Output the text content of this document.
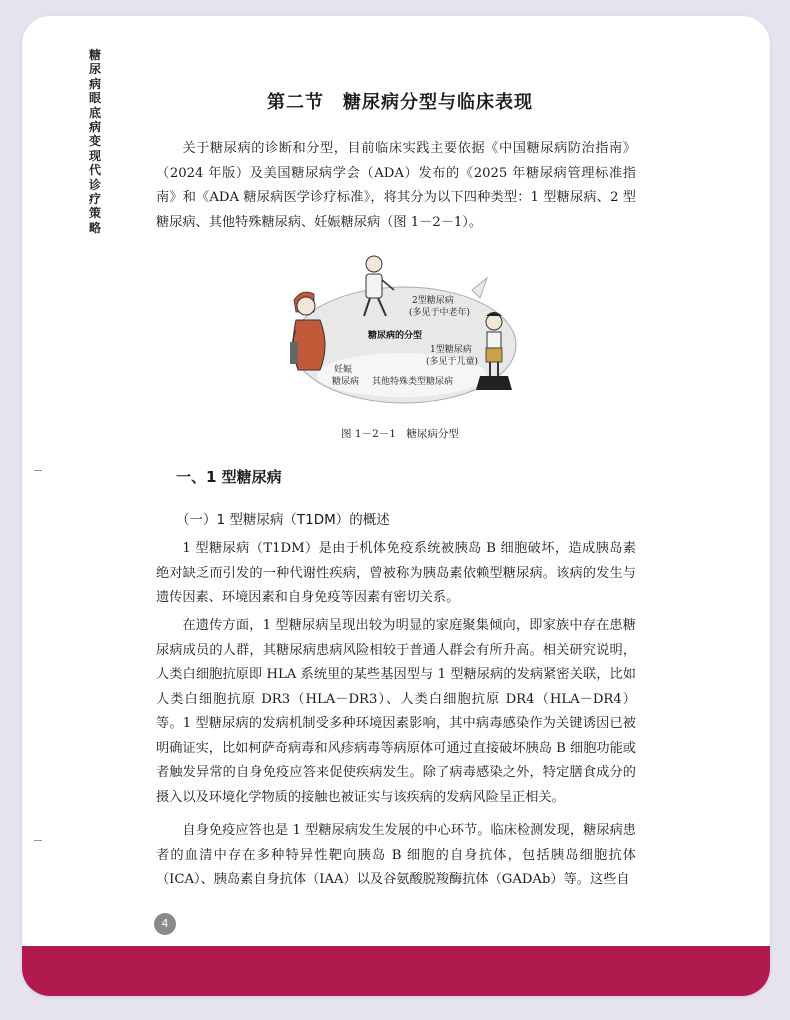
糖尿病眼底病变现代诊疗策略
第二节　糖尿病分型与临床表现

关于糖尿病的诊断和分型，目前临床实践主要依据《中国糖尿病防治指南》（2024 年版）及美国糖尿病学会（ADA）发布的《2025 年糖尿病管理标准指南》和《ADA 糖尿病医学诊疗标准》，将其分为以下四种类型：1 型糖尿病、2 型糖尿病、其他特殊糖尿病、妊娠糖尿病（图 1－2－1）。

2型糖尿病
(多见于中老年)
糖尿病的分型
1型糖尿病
(多见于儿童)
妊娠
糖尿病 其他特殊类型糖尿病
图 1－2－1　糖尿病分型
一、1 型糖尿病
（一）1 型糖尿病（T1DM）的概述

1 型糖尿病（T1DM）是由于机体免疫系统被胰岛 B 细胞破坏，造成胰岛素绝对缺乏而引发的一种代谢性疾病，曾被称为胰岛素依赖型糖尿病。该病的发生与遗传因素、环境因素和自身免疫等因素有密切关系。

在遗传方面，1 型糖尿病呈现出较为明显的家庭聚集倾向，即家族中存在患糖尿病成员的人群，其糖尿病患病风险相较于普通人群会有所升高。相关研究说明，人类白细胞抗原即 HLA 系统里的某些基因型与 1 型糖尿病的发病紧密关联，比如人类白细胞抗原 DR3（HLA－DR3）、人类白细胞抗原 DR4（HLA－DR4）等。1 型糖尿病的发病机制受多种环境因素影响，其中病毒感染作为关键诱因已被明确证实，比如柯萨奇病毒和风疹病毒等病原体可通过直接破坏胰岛 B 细胞功能或者触发异常的自身免疫应答来促使疾病发生。除了病毒感染之外，特定膳食成分的摄入以及环境化学物质的接触也被证实与该疾病的发病风险呈正相关。

自身免疫应答也是 1 型糖尿病发生发展的中心环节。临床检测发现，糖尿病患者的血清中存在多种特异性靶向胰岛 B 细胞的自身抗体，包括胰岛细胞抗体（ICA）、胰岛素自身抗体（IAA）以及谷氨酸脱羧酶抗体（GADAb）等。这些自

4
